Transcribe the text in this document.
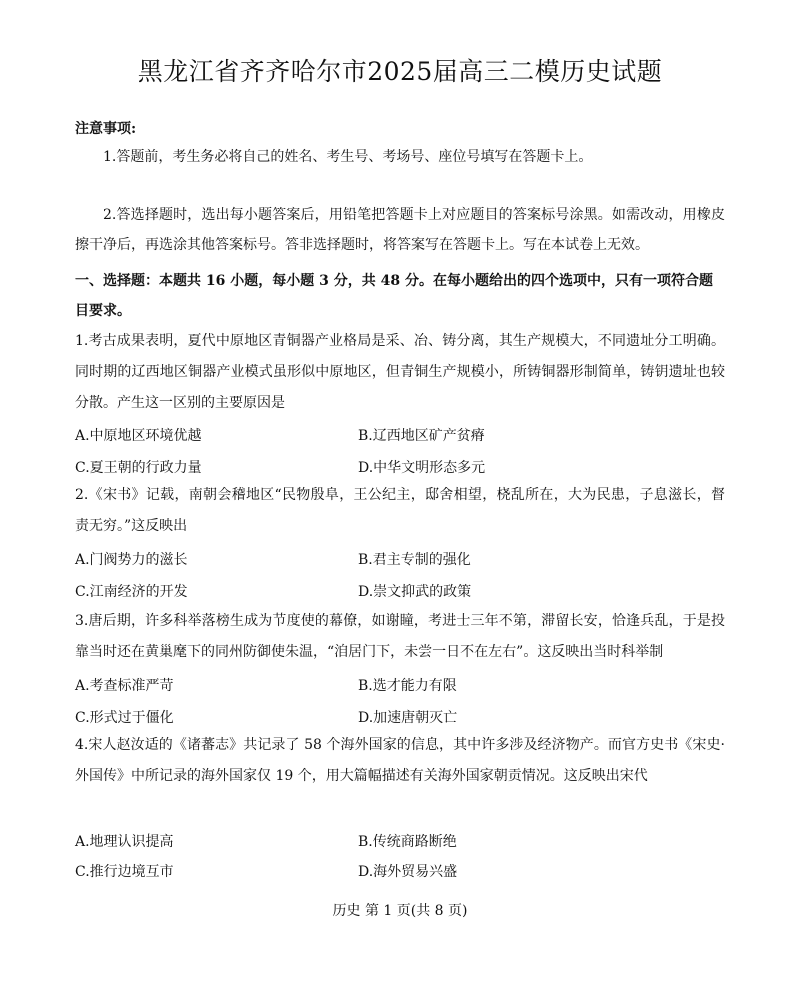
黑龙江省齐齐哈尔市2025届高三二模历史试题
注意事项:
1.答题前，考生务必将自己的姓名、考生号、考场号、座位号填写在答题卡上。
2.答选择题时，选出每小题答案后，用铅笔把答题卡上对应题目的答案标号涂黑。如需改动，用橡皮擦干净后，再选涂其他答案标号。答非选择题时，将答案写在答题卡上。写在本试卷上无效。
一、选择题：本题共 16 小题，每小题 3 分，共 48 分。在每小题给出的四个选项中，只有一项符合题目要求。
1.考古成果表明，夏代中原地区青铜器产业格局是采、冶、铸分离，其生产规模大，不同遗址分工明确。同时期的辽西地区铜器产业模式虽形似中原地区，但青铜生产规模小，所铸铜器形制简单，铸钥遗址也较分散。产生这一区别的主要原因是
A.中原地区环境优越	B.辽西地区矿产贫瘠
C.夏王朝的行政力量	D.中华文明形态多元
2.《宋书》记载，南朝会稽地区“民物殷阜，王公纪主，邸舍相望，桡乱所在，大为民患，子息滋长，督责无穷。”这反映出
A.门阀势力的滋长	B.君主专制的强化
C.江南经济的开发	D.崇文抑武的政策
3.唐后期，许多科举落榜生成为节度使的幕僚，如谢瞳，考进士三年不第，滞留长安，恰逢兵乱，于是投靠当时还在黄巢麾下的同州防御使朱温，“洎居门下，未尝一日不在左右”。这反映出当时科举制
A.考查标准严苛	B.选才能力有限
C.形式过于僵化	D.加速唐朝灭亡
4.宋人赵汝适的《诸蕃志》共记录了 58 个海外国家的信息，其中许多涉及经济物产。而官方史书《宋史·外国传》中所记录的海外国家仅 19 个，用大篇幅描述有关海外国家朝贡情况。这反映出宋代
A.地理认识提高	B.传统商路断绝
C.推行边境互市	D.海外贸易兴盛
历史 第 1 页(共 8 页)
